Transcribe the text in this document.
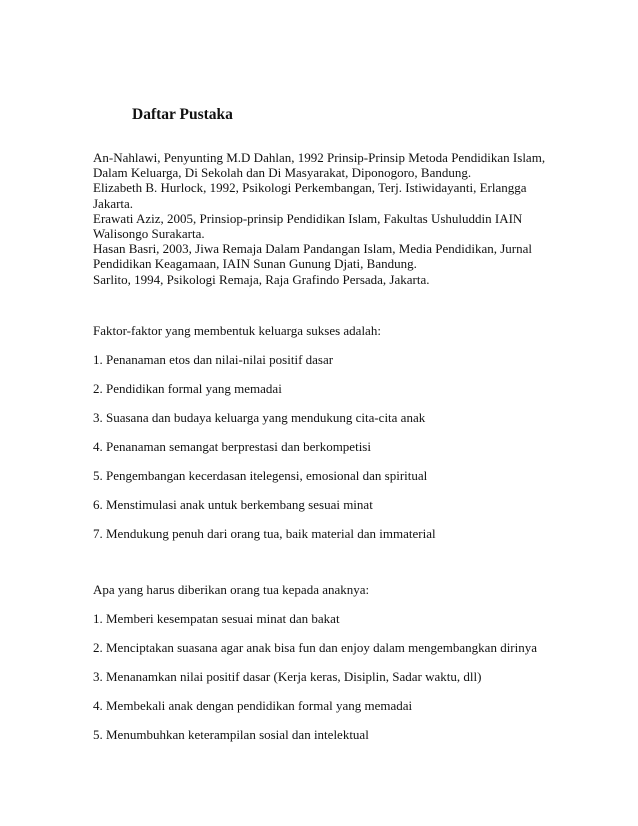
Daftar Pustaka
An-Nahlawi, Penyunting M.D Dahlan, 1992 Prinsip-Prinsip Metoda Pendidikan Islam, Dalam Keluarga, Di Sekolah dan Di Masyarakat, Diponogoro, Bandung.
Elizabeth B. Hurlock, 1992, Psikologi Perkembangan, Terj. Istiwidayanti, Erlangga Jakarta.
Erawati Aziz, 2005, Prinsiop-prinsip Pendidikan Islam, Fakultas Ushuluddin IAIN Walisongo Surakarta.
Hasan Basri, 2003, Jiwa Remaja Dalam Pandangan Islam, Media Pendidikan, Jurnal Pendidikan Keagamaan, IAIN Sunan Gunung Djati, Bandung.
Sarlito, 1994, Psikologi Remaja, Raja Grafindo Persada, Jakarta.

Faktor-faktor yang membentuk keluarga sukses adalah:

1. Penanaman etos dan nilai-nilai positif dasar
2. Pendidikan formal yang memadai
3. Suasana dan budaya keluarga yang mendukung cita-cita anak
4. Penanaman semangat berprestasi dan berkompetisi
5. Pengembangan kecerdasan itelegensi, emosional dan spiritual
6. Menstimulasi anak untuk berkembang sesuai minat
7. Mendukung penuh dari orang tua, baik material dan immaterial

Apa yang harus diberikan orang tua kepada anaknya:

1. Memberi kesempatan sesuai minat dan bakat
2. Menciptakan suasana agar anak bisa fun dan enjoy dalam mengembangkan dirinya
3. Menanamkan nilai positif dasar (Kerja keras, Disiplin, Sadar waktu, dll)
4. Membekali anak dengan pendidikan formal yang memadai
5. Menumbuhkan keterampilan sosial dan intelektual
